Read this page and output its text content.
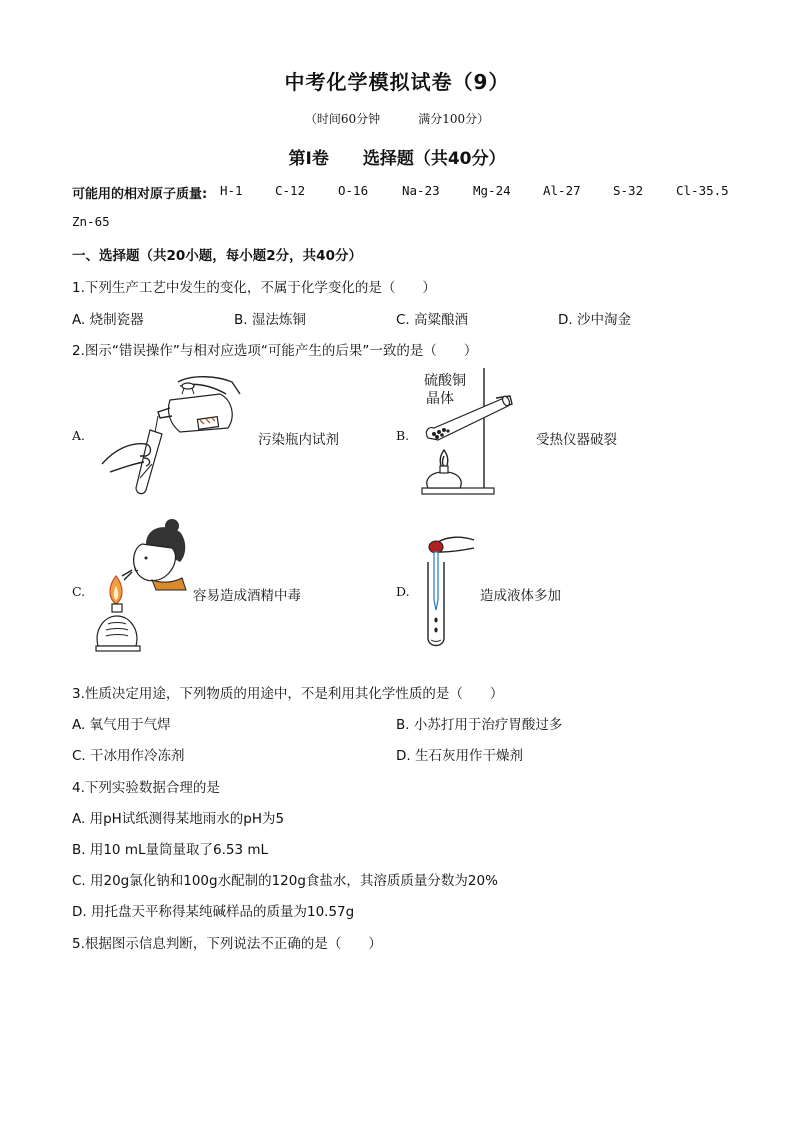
中考化学模拟试卷（9）
（时间60分钟	满分100分）
第Ⅰ卷 选择题（共40分）
可能用的相对原子质量: H-1	C-12	O-16	Na-23	Mg-24	Al-27	S-32	Cl-35.5
Zn-65
一、选择题（共20小题，每小题2分，共40分）
1.下列生产工艺中发生的变化，不属于化学变化的是（　　）
A. 烧制瓷器	B. 湿法炼铜	C. 高粱酿酒	D. 沙中淘金
2.图示“错误操作”与相对应选项“可能产生的后果”一致的是（　　）
A.	污染瓶内试剂	B.
硫酸铜
晶体
受热仪器破裂
C.	容易造成酒精中毒	D.	造成液体多加
3.性质决定用途，下列物质的用途中，不是利用其化学性质的是（　　）
A. 氧气用于气焊	B. 小苏打用于治疗胃酸过多
C. 干冰用作冷冻剂	D. 生石灰用作干燥剂
4.下列实验数据合理的是
A. 用pH试纸测得某地雨水的pH为5
B. 用10 mL量筒量取了6.53 mL
C. 用20g氯化钠和100g水配制的120g食盐水，其溶质质量分数为20%
D. 用托盘天平称得某纯碱样品的质量为10.57g
5.根据图示信息判断，下列说法不正确的是（　　）
